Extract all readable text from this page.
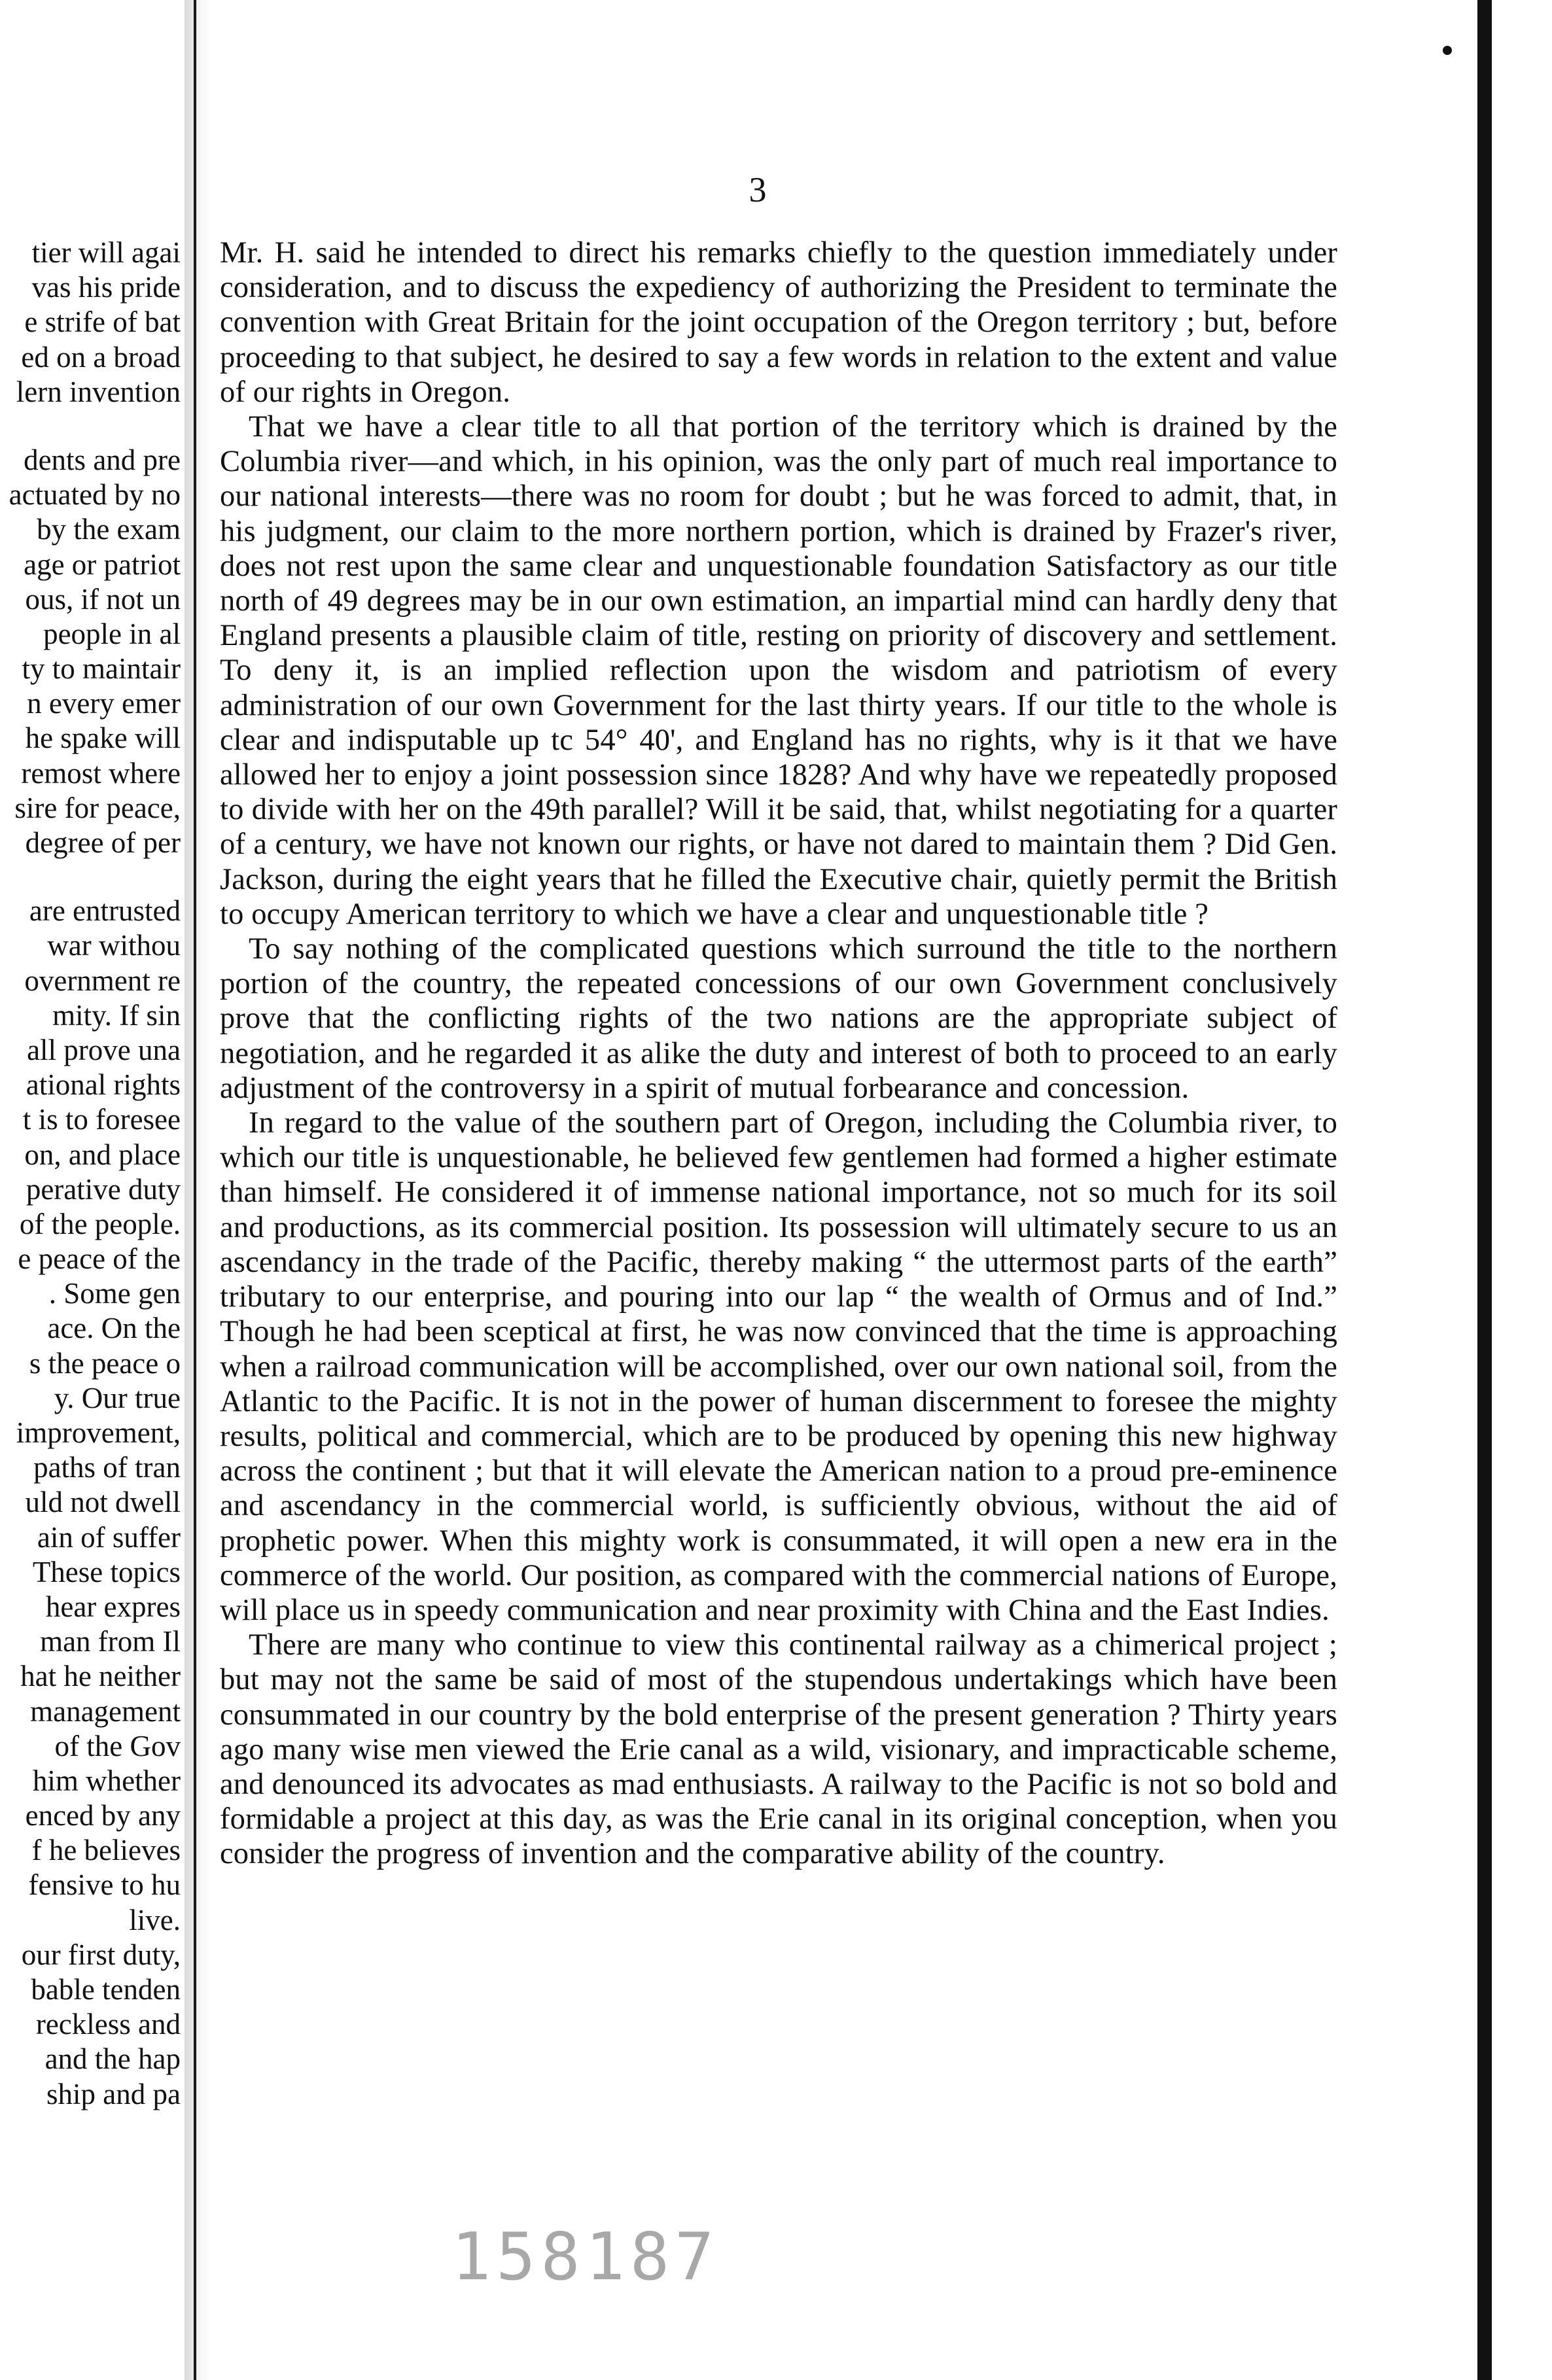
tier will agai
vas his pride
e strife of bat
ed on a broad
lern invention
dents and pre
actuated by no
by the exam
age or patriot
ous, if not un
people in al
ty to maintair
n every emer
he spake will
remost where
sire for peace,
degree of per
are entrusted
war withou
overnment re
mity. If sin
all prove una
ational rights
t is to foresee
on, and place
perative duty
of the people.
e peace of the
. Some gen
ace. On the
s the peace o
y. Our true
improvement,
paths of tran
uld not dwell
ain of suffer
These topics
hear expres
man from Il
hat he neither
management
of the Gov
him whether
enced by any
f he believes
fensive to hu
live.
our first duty,
bable tenden
reckless and
and the hap
ship and pa
3

Mr. H. said he intended to direct his remarks chiefly to the question immediately under consideration, and to discuss the expediency of authorizing the President to terminate the convention with Great Britain for the joint occupation of the Oregon territory ; but, before proceeding to that subject, he desired to say a few words in relation to the extent and value of our rights in Oregon.

That we have a clear title to all that portion of the territory which is drained by the Columbia river—and which, in his opinion, was the only part of much real importance to our national interests—there was no room for doubt ; but he was forced to admit, that, in his judgment, our claim to the more northern portion, which is drained by Frazer's river, does not rest upon the same clear and unquestionable foundation Satisfactory as our title north of 49 degrees may be in our own estimation, an impartial mind can hardly deny that England presents a plausible claim of title, resting on priority of discovery and settlement. To deny it, is an implied reflection upon the wisdom and patriotism of every administration of our own Government for the last thirty years. If our title to the whole is clear and indisputable up tc 54° 40', and England has no rights, why is it that we have allowed her to enjoy a joint possession since 1828? And why have we repeatedly proposed to divide with her on the 49th parallel? Will it be said, that, whilst negotiating for a quarter of a century, we have not known our rights, or have not dared to maintain them ? Did Gen. Jackson, during the eight years that he filled the Executive chair, quietly permit the British to occupy American territory to which we have a clear and unquestionable title ?

To say nothing of the complicated questions which surround the title to the northern portion of the country, the repeated concessions of our own Government conclusively prove that the conflicting rights of the two nations are the appropriate subject of negotiation, and he regarded it as alike the duty and interest of both to proceed to an early adjustment of the controversy in a spirit of mutual forbearance and concession.

In regard to the value of the southern part of Oregon, including the Columbia river, to which our title is unquestionable, he believed few gentlemen had formed a higher estimate than himself. He considered it of immense national importance, not so much for its soil and productions, as its commercial position. Its possession will ultimately secure to us an ascendancy in the trade of the Pacific, thereby making “ the uttermost parts of the earth” tributary to our enterprise, and pouring into our lap “ the wealth of Ormus and of Ind.” Though he had been sceptical at first, he was now convinced that the time is approaching when a railroad communication will be accomplished, over our own national soil, from the Atlantic to the Pacific. It is not in the power of human discernment to foresee the mighty results, political and commercial, which are to be produced by opening this new highway across the continent ; but that it will elevate the American nation to a proud pre-eminence and ascendancy in the commercial world, is sufficiently obvious, without the aid of prophetic power. When this mighty work is consummated, it will open a new era in the commerce of the world. Our position, as compared with the commercial nations of Europe, will place us in speedy communication and near proximity with China and the East Indies.

There are many who continue to view this continental railway as a chimerical project ; but may not the same be said of most of the stupendous undertakings which have been consummated in our country by the bold enterprise of the present generation ? Thirty years ago many wise men viewed the Erie canal as a wild, visionary, and impracticable scheme, and denounced its advocates as mad enthusiasts. A railway to the Pacific is not so bold and formidable a project at this day, as was the Erie canal in its original conception, when you consider the progress of invention and the comparative ability of the country.

158187
